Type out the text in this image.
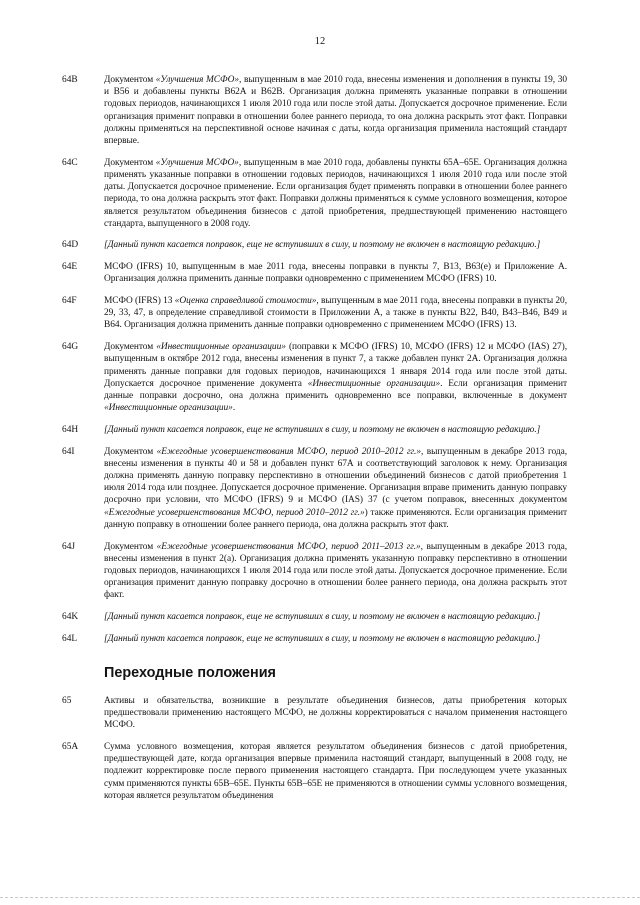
12
64B	Документом «Улучшения МСФО», выпущенным в мае 2010 года, внесены изменения и дополнения в пункты 19, 30 и В56 и добавлены пункты В62А и В62В. Организация должна применять указанные поправки в отношении годовых периодов, начинающихся 1 июля 2010 года или после этой даты. Допускается досрочное применение. Если организация применит поправки в отношении более раннего периода, то она должна раскрыть этот факт. Поправки должны применяться на перспективной основе начиная с даты, когда организация применила настоящий стандарт впервые.
64C	Документом «Улучшения МСФО», выпущенным в мае 2010 года, добавлены пункты 65А–65Е. Организация должна применять указанные поправки в отношении годовых периодов, начинающихся 1 июля 2010 года или после этой даты. Допускается досрочное применение. Если организация будет применять поправки в отношении более раннего периода, то она должна раскрыть этот факт. Поправки должны применяться к сумме условного возмещения, которое является результатом объединения бизнесов с датой приобретения, предшествующей применению настоящего стандарта, выпущенного в 2008 году.
64D	[Данный пункт касается поправок, еще не вступивших в силу, и поэтому не включен в настоящую редакцию.]
64E	МСФО (IFRS) 10, выпущенным в мае 2011 года, внесены поправки в пункты 7, В13, В63(е) и Приложение А. Организация должна применить данные поправки одновременно с применением МСФО (IFRS) 10.
64F	МСФО (IFRS) 13 «Оценка справедливой стоимости», выпущенным в мае 2011 года, внесены поправки в пункты 20, 29, 33, 47, в определение справедливой стоимости в Приложении А, а также в пункты В22, В40, В43–В46, В49 и В64. Организация должна применить данные поправки одновременно с применением МСФО (IFRS) 13.
64G	Документом «Инвестиционные организации» (поправки к МСФО (IFRS) 10, МСФО (IFRS) 12 и МСФО (IAS) 27), выпущенным в октябре 2012 года, внесены изменения в пункт 7, а также добавлен пункт 2А. Организация должна применять данные поправки для годовых периодов, начинающихся 1 января 2014 года или после этой даты. Допускается досрочное применение документа «Инвестиционные организации». Если организация применит данные поправки досрочно, она должна применить одновременно все поправки, включенные в документ «Инвестиционные организации».
64H	[Данный пункт касается поправок, еще не вступивших в силу, и поэтому не включен в настоящую редакцию.]
64I	Документом «Ежегодные усовершенствования МСФО, период 2010–2012 гг.», выпущенным в декабре 2013 года, внесены изменения в пункты 40 и 58 и добавлен пункт 67А и соответствующий заголовок к нему. Организация должна применять данную поправку перспективно в отношении объединений бизнесов с датой приобретения 1 июля 2014 года или позднее. Допускается досрочное применение. Организация вправе применить данную поправку досрочно при условии, что МСФО (IFRS) 9 и МСФО (IAS) 37 (с учетом поправок, внесенных документом «Ежегодные усовершенствования МСФО, период 2010–2012 гг.») также применяются. Если организация применит данную поправку в отношении более раннего периода, она должна раскрыть этот факт.
64J	Документом «Ежегодные усовершенствования МСФО, период 2011–2013 гг.», выпущенным в декабре 2013 года, внесены изменения в пункт 2(а). Организация должна применять указанную поправку перспективно в отношении годовых периодов, начинающихся 1 июля 2014 года или после этой даты. Допускается досрочное применение. Если организация применит данную поправку досрочно в отношении более раннего периода, она должна раскрыть этот факт.
64K	[Данный пункт касается поправок, еще не вступивших в силу, и поэтому не включен в настоящую редакцию.]
64L	[Данный пункт касается поправок, еще не вступивших в силу, и поэтому не включен в настоящую редакцию.]
Переходные положения
65	Активы и обязательства, возникшие в результате объединения бизнесов, даты приобретения которых предшествовали применению настоящего МСФО, не должны корректироваться с началом применения настоящего МСФО.
65A	Сумма условного возмещения, которая является результатом объединения бизнесов с датой приобретения, предшествующей дате, когда организация впервые применила настоящий стандарт, выпущенный в 2008 году, не подлежит корректировке после первого применения настоящего стандарта. При последующем учете указанных сумм применяются пункты 65В–65Е. Пункты 65В–65Е не применяются в отношении суммы условного возмещения, которая является результатом объединения
